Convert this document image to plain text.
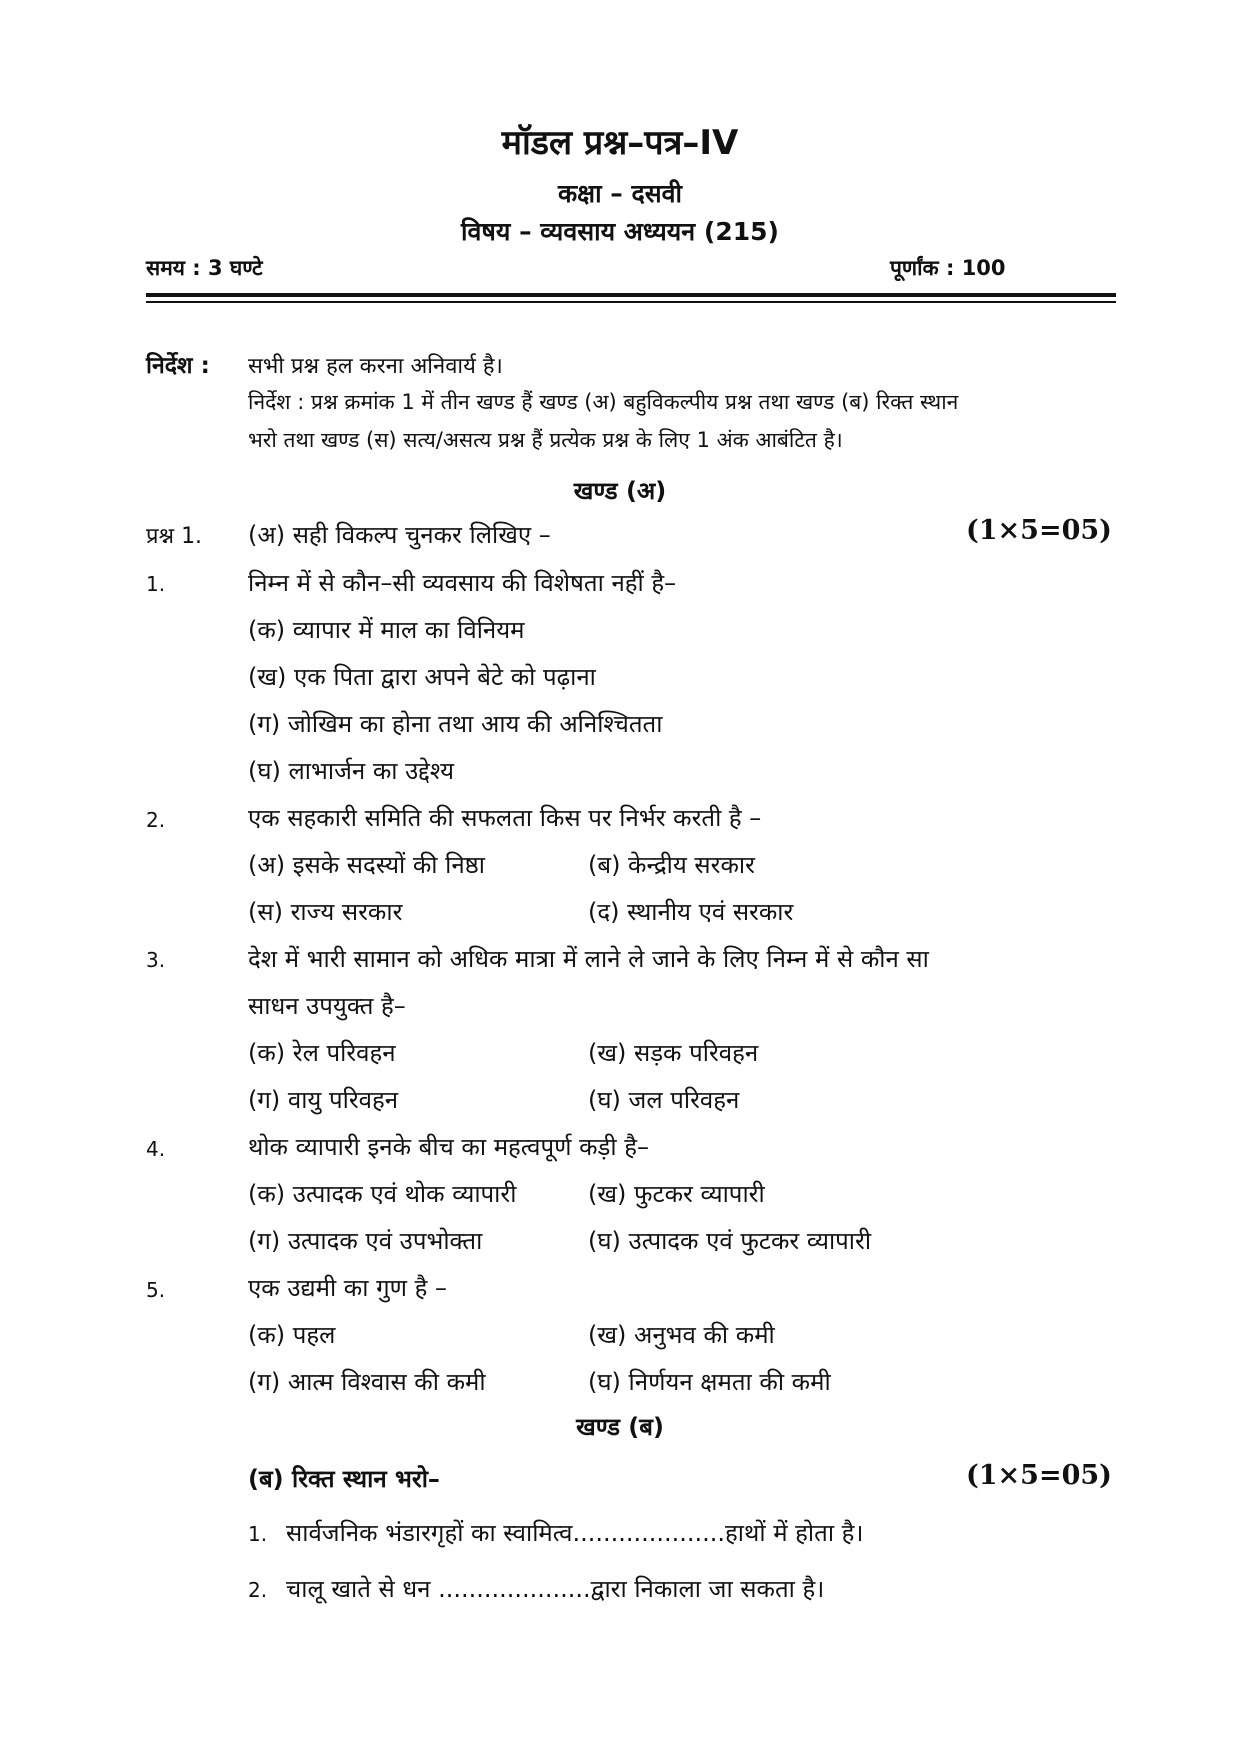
मॉडल प्रश्न–पत्र–IV
कक्षा – दसवी
विषय – व्यवसाय अध्ययन (215)
समय : 3 घण्टे	पूर्णांक : 100
निर्देश : सभी प्रश्न हल करना अनिवार्य है।
निर्देश : प्रश्न क्रमांक 1 में तीन खण्ड हैं खण्ड (अ) बहुविकल्पीय प्रश्न तथा खण्ड (ब) रिक्त स्थान
भरो तथा खण्ड (स) सत्य/असत्य प्रश्न हैं प्रत्येक प्रश्न के लिए 1 अंक आबंटित है।
खण्ड (अ)
प्रश्न 1. (अ) सही विकल्प चुनकर लिखिए –	(1×5=05)
1.	निम्न में से कौन–सी व्यवसाय की विशेषता नहीं है–
(क) व्यापार में माल का विनियम
(ख) एक पिता द्वारा अपने बेटे को पढ़ाना
(ग) जोखिम का होना तथा आय की अनिश्चितता
(घ) लाभार्जन का उद्देश्य
2.	एक सहकारी समिति की सफलता किस पर निर्भर करती है –
(अ) इसके सदस्यों की निष्ठा	(ब) केन्द्रीय सरकार
(स) राज्य सरकार	(द) स्थानीय एवं सरकार
3.	देश में भारी सामान को अधिक मात्रा में लाने ले जाने के लिए निम्न में से कौन सा
साधन उपयुक्त है–
(क) रेल परिवहन	(ख) सड़क परिवहन
(ग) वायु परिवहन	(घ) जल परिवहन
4.	थोक व्यापारी इनके बीच का महत्वपूर्ण कड़ी है–
(क) उत्पादक एवं थोक व्यापारी	(ख) फुटकर व्यापारी
(ग) उत्पादक एवं उपभोक्ता	(घ) उत्पादक एवं फुटकर व्यापारी
5.	एक उद्यमी का गुण है –
(क) पहल	(ख) अनुभव की कमी
(ग) आत्म विश्वास की कमी	(घ) निर्णयन क्षमता की कमी
खण्ड (ब)
(ब) रिक्त स्थान भरो–	(1×5=05)
1. सार्वजनिक भंडारगृहों का स्वामित्व....................हाथों में होता है।
2. चालू खाते से धन ....................द्वारा निकाला जा सकता है।
